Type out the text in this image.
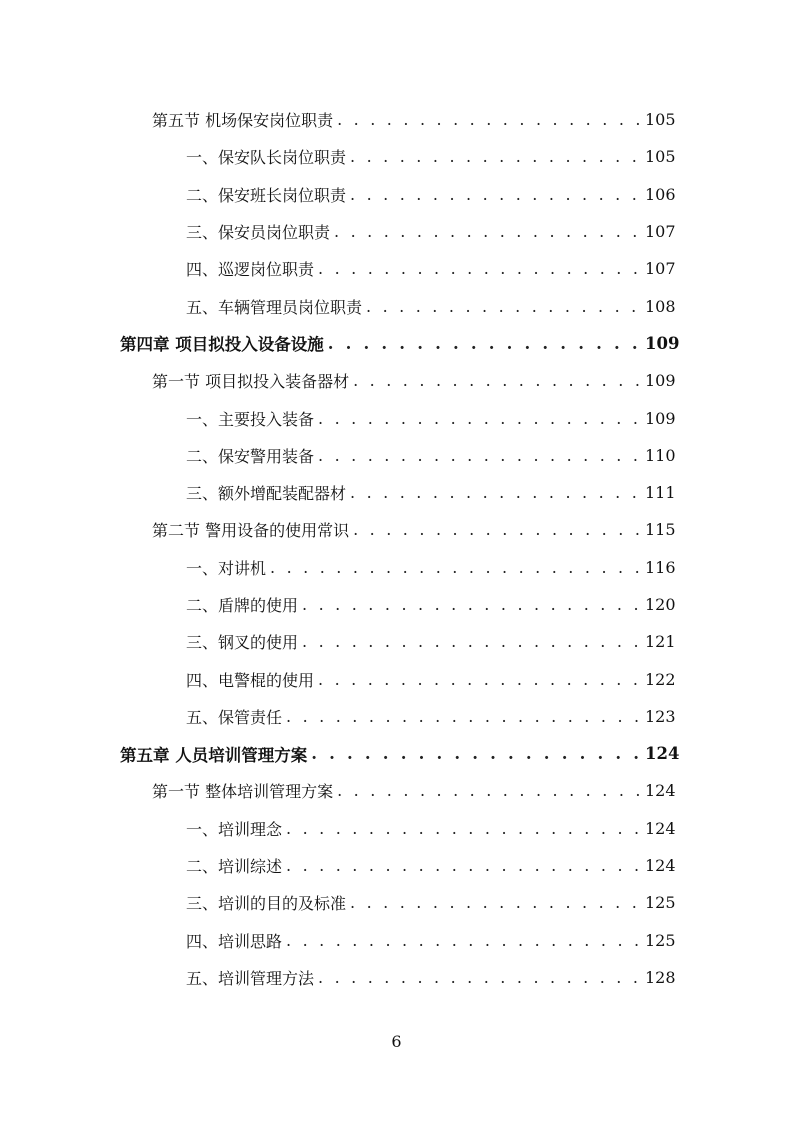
第五节 机场保安岗位职责 . . .	105
一、保安队长岗位职责 . . .	105
二、保安班长岗位职责 . . .	106
三、保安员岗位职责 . . .	107
四、巡逻岗位职责 . . .	107
五、车辆管理员岗位职责 . . .	108
第四章 项目拟投入设备设施 . . .	109
第一节 项目拟投入装备器材 . . .	109
一、主要投入装备 . . .	109
二、保安警用装备 . . .	110
三、额外增配装配器材 . . .	111
第二节 警用设备的使用常识 . . .	115
一、对讲机 . . .	116
二、盾牌的使用 . . .	120
三、钢叉的使用 . . .	121
四、电警棍的使用 . . .	122
五、保管责任 . . .	123
第五章 人员培训管理方案 . . .	124
第一节 整体培训管理方案 . . .	124
一、培训理念 . . .	124
二、培训综述 . . .	124
三、培训的目的及标准 . . .	125
四、培训思路 . . .	125
五、培训管理方法 . . .	128
6
